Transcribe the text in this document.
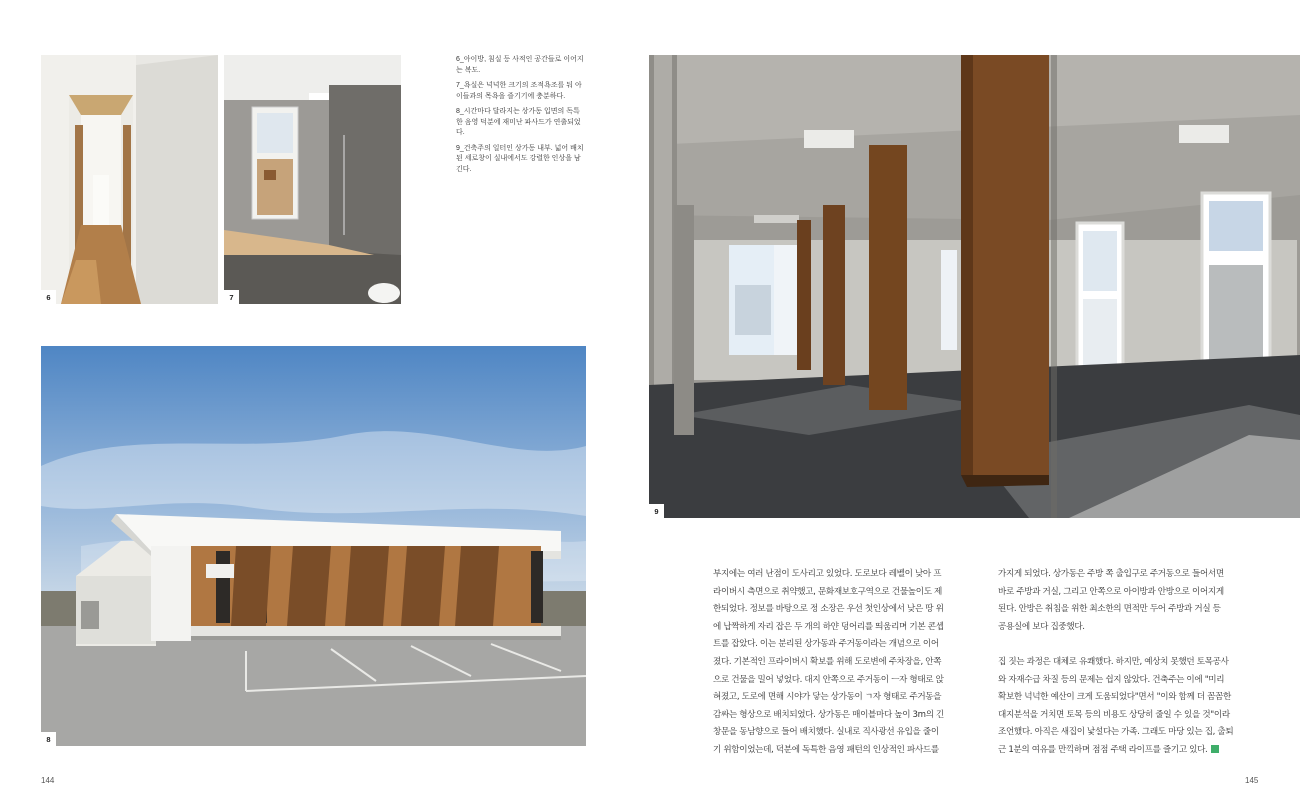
6	7

6_아이방, 침실 등 사적인 공간들로 이어지는 복도.

7_욕실은 넉넉한 크기의 조적욕조를 둬 아이들과의 목욕을 즐기기에 충분하다.

8_시간마다 달라지는 상가동 입면의 독특한 음영 덕분에 재미난 파사드가 연출되었다.

9_건축주의 일터인 상가동 내부. 넓어 배치된 세로창이 실내에서도 강렬한 인상을 남긴다.

8
9
부지에는 여러 난점이 도사리고 있었다. 도로보다 레벨이 낮아 프
라이버시 측면으로 취약했고, 문화재보호구역으로 건물높이도 제
한되었다. 정보를 바탕으로 정 소장은 우선 첫인상에서 낮은 땅 위
에 납짝하게 자리 잡은 두 개의 하얀 덩어리를 띄움리며 기본 콘셉
트를 잡았다. 이는 분리된 상가동과 주거동이라는 개념으로 이어
졌다. 기본적인 프라이버시 확보를 위해 도로변에 주차장을, 안쪽
으로 건물을 밀어 넣었다. 대지 안쪽으로 주거동이 ㅡ자 형태로 앉
혀졌고, 도로에 면해 시야가 닿는 상가동이 ㄱ자 형태로 주거동을
감싸는 형상으로 배치되었다. 상가동은 매이블마다 높이 3m의 긴
창문을 동남향으로 들어 배치했다. 실내로 직사광선 유입을 줄이
기 위함이었는데, 덕분에 독특한 음영 패턴의 인상적인 파사드를
가지게 되었다. 상가동은 주방 쪽 출입구로 주거동으로 들어서면
바로 주방과 거실, 그리고 안쪽으로 아이방과 안방으로 이어지게
된다. 안방은 취침을 위한 최소한의 면적만 두어 주방과 거실 등
공용실에 보다 집중했다.
집 짓는 과정은 대체로 유쾌했다. 하지만, 예상치 못했던 토목공사
와 자재수급 차질 등의 문제는 쉽지 않았다. 건축주는 이에 "미리
확보한 넉넉한 예산이 크게 도움되었다"면서 "이와 함께 더 꼼꼼한
대지분석을 거치면 토목 등의 비용도 상당히 줄일 수 있을 것"이라
조언했다. 아직은 새집이 낯설다는 가족. 그래도 마당 있는 집, 출퇴
근 1분의 여유를 만끽하며 점점 주택 라이프를 즐기고 있다.
144	145
